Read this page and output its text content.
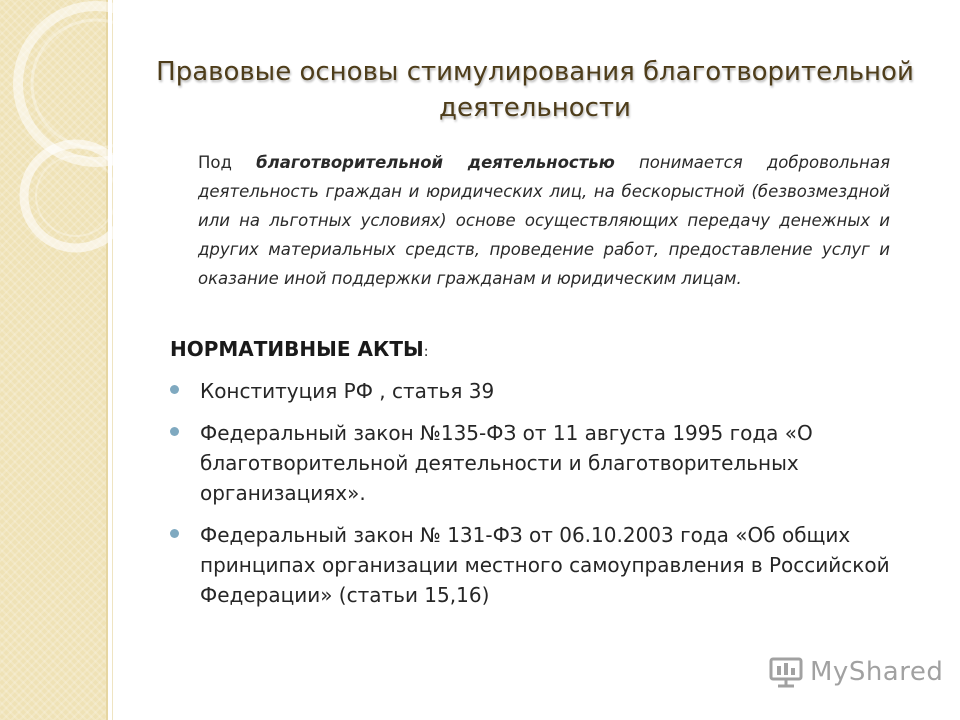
Правовые основы стимулирования благотворительной деятельности

Под благотворительной деятельностью понимается добровольная деятельность граждан и юридических лиц, на бескорыстной (безвозмездной или на льготных условиях) основе осуществляющих передачу денежных и других материальных средств, проведение работ, предоставление услуг и оказание иной поддержки гражданам и юридическим лицам.

НОРМАТИВНЫЕ АКТЫ:
Конституция РФ , статья 39
Федеральный закон №135-ФЗ от 11 августа 1995 года «О благотворительной деятельности и благотворительных организациях».
Федеральный закон № 131-ФЗ от 06.10.2003 года «Об общих принципах организации местного самоуправления в Российской Федерации» (статьи 15,16)
MyShared
